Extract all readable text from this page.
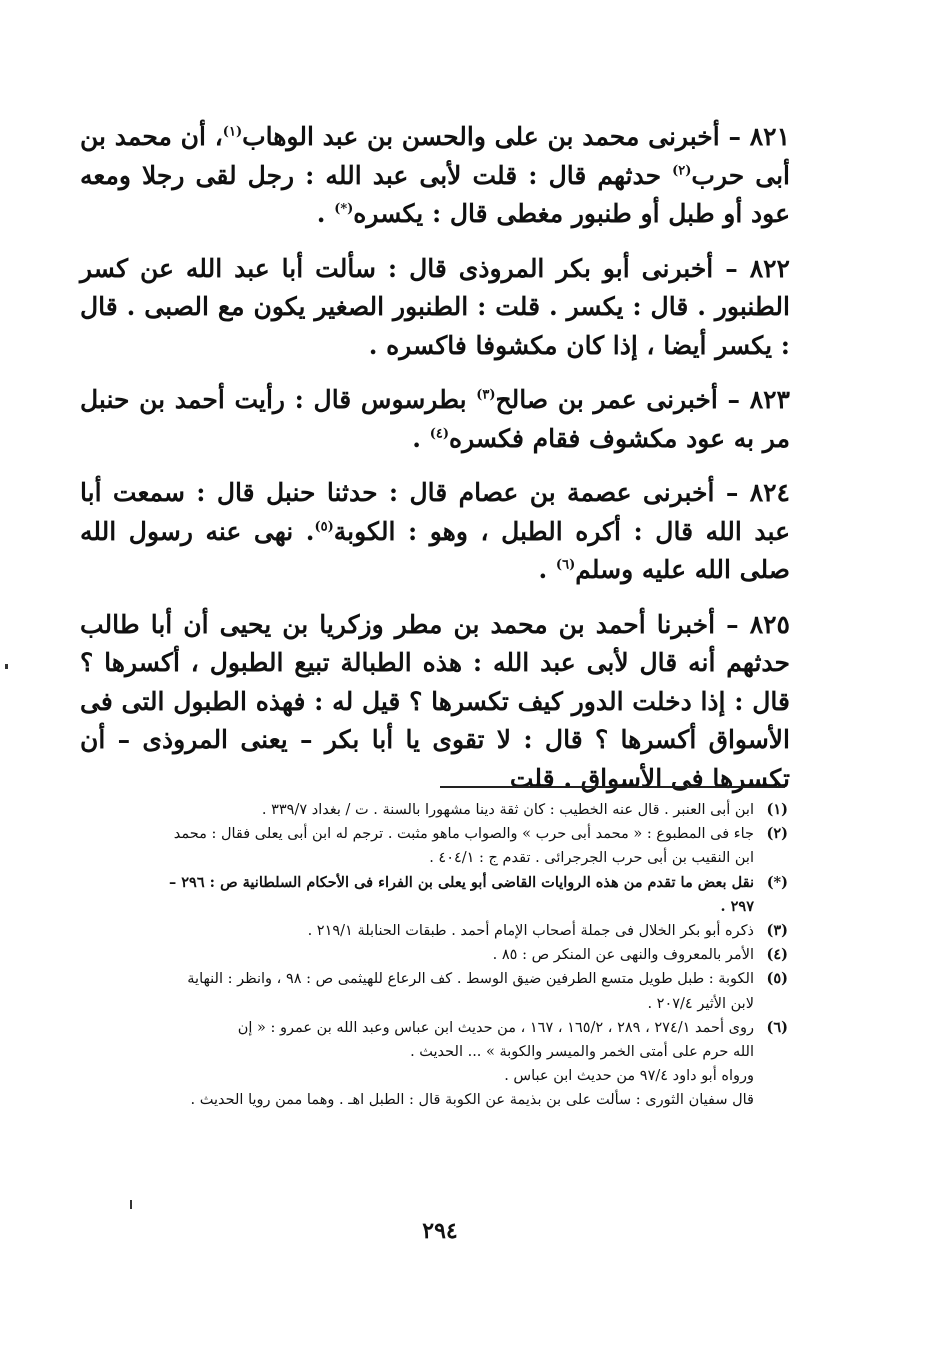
٨٢١ – أخبرنى محمد بن على والحسن بن عبد الوهاب$^{(١)}$، أن محمد بن أبى حرب$^{(٢)}$ حدثهم قال : قلت لأبى عبد الله : رجل لقى رجلا ومعه عود أو طبل أو طنبور مغطى قال : يكسره(*) .

٨٢٢ – أخبرنى أبو بكر المروذى قال : سألت أبا عبد الله عن كسر الطنبور . قال : يكسر . قلت : الطنبور الصغير يكون مع الصبى . قال : يكسر أيضا ، إذا كان مكشوفا فاكسره .

٨٢٣ – أخبرنى عمر بن صالح$^{(٣)}$ بطرسوس قال : رأيت أحمد بن حنبل مر به عود مكشوف فقام فكسره$^{(٤)}$ .

٨٢٤ – أخبرنى عصمة بن عصام قال : حدثنا حنبل قال : سمعت أبا عبد الله قال : أكره الطبل ، وهو : الكوبة$^{(٥)}$. نهى عنه رسول الله صلى الله عليه وسلم$^{(٦)}$ .

٨٢٥ – أخبرنا أحمد بن محمد بن مطر وزكريا بن يحيى أن أبا طالب حدثهم أنه قال لأبى عبد الله : هذه الطبالة تبيع الطبول ، أكسرها ؟ قال : إذا دخلت الدور كيف تكسرها ؟ قيل له : فهذه الطبول التى فى الأسواق أكسرها ؟ قال : لا تقوى يا أبا بكر – يعنى المروذى – أن تكسرها فى الأسواق . قلت

(١)
ابن أبى العنبر . قال عنه الخطيب : كان ثقة دينا مشهورا بالسنة . ت / بغداد ٣٣٩/٧ .

(٢)
جاء فى المطبوع : « محمد أبى حرب » والصواب ماهو مثبت . ترجم له ابن أبى يعلى فقال : محمد
ابن النقيب بن أبى حرب الجرجرائى . تقدم ج : ٤٠٤/١ .

(*)
نقل بعض ما تقدم من هذه الروايات القاضى أبو يعلى بن الفراء فى الأحكام السلطانية ص : ٢٩٦ –
٢٩٧ .

(٣)
ذكره أبو بكر الخلال فى جملة أصحاب الإمام أحمد . طبقات الحنابلة ٢١٩/١ .

(٤)
الأمر بالمعروف والنهى عن المنكر ص : ٨٥ .

(٥)
الكوبة : طبل طويل متسع الطرفين ضيق الوسط . كف الرعاع للهيثمى ص : ٩٨ ، وانظر : النهاية
لابن الأثير ٢٠٧/٤ .

(٦)
روى أحمد ٢٧٤/١ ، ٢٨٩ ، ١٦٥/٢ ، ١٦٧ ، من حديث ابن عباس وعبد الله بن عمرو : « إن
الله حرم على أمتى الخمر والميسر والكوبة » ... الحديث .
ورواه أبو داود ٩٧/٤ من حديث ابن عباس .
قال سفيان الثورى : سألت على بن بذيمة عن الكوبة قال : الطبل اهـ . وهما ممن رويا الحديث .

٢٩٤
